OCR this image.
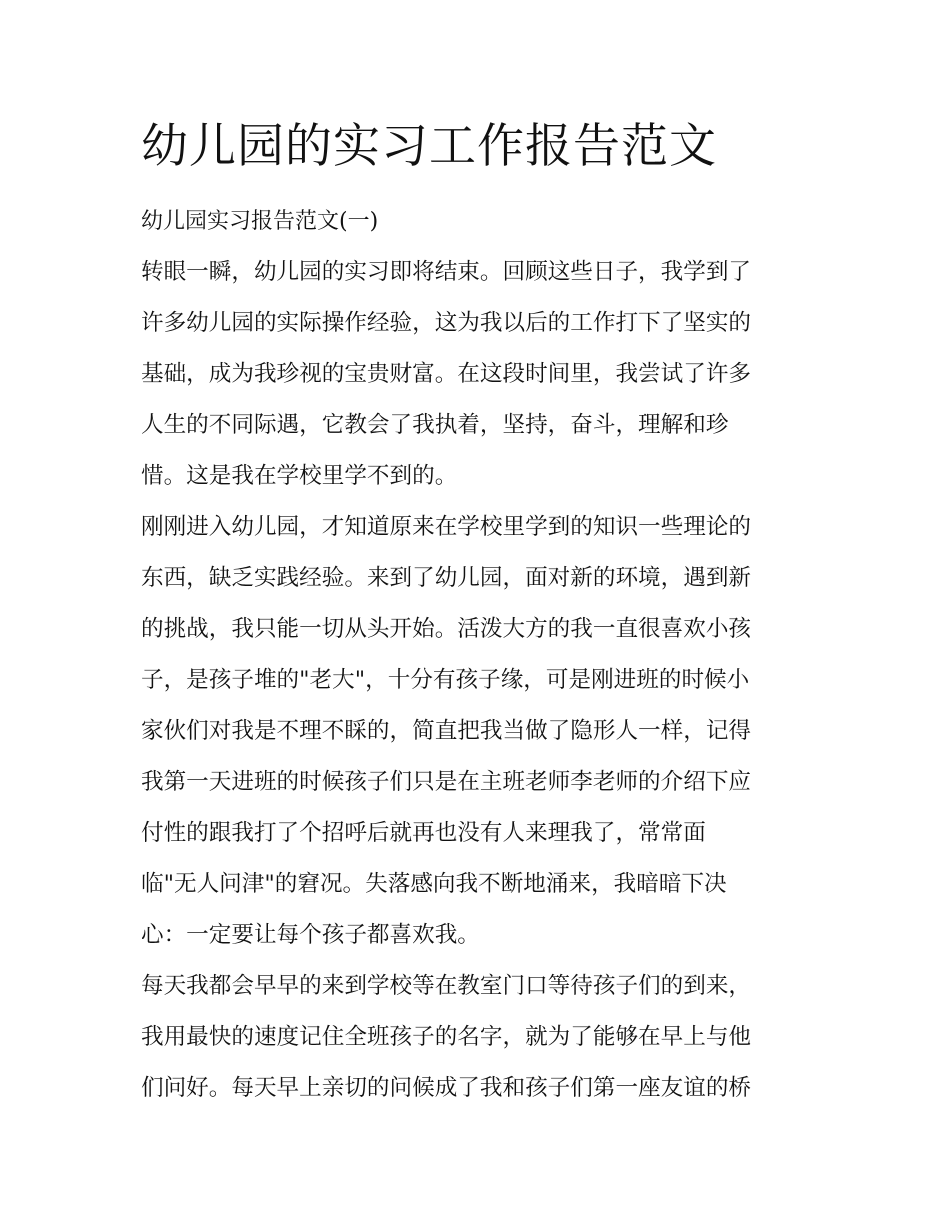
幼儿园的实习工作报告范文
幼儿园实习报告范文(一)
转眼一瞬，幼儿园的实习即将结束。回顾这些日子，我学到了
许多幼儿园的实际操作经验，这为我以后的工作打下了坚实的
基础，成为我珍视的宝贵财富。在这段时间里，我尝试了许多
人生的不同际遇，它教会了我执着，坚持，奋斗，理解和珍
惜。这是我在学校里学不到的。
刚刚进入幼儿园，才知道原来在学校里学到的知识一些理论的
东西，缺乏实践经验。来到了幼儿园，面对新的环境，遇到新
的挑战，我只能一切从头开始。活泼大方的我一直很喜欢小孩
子，是孩子堆的"老大"，十分有孩子缘，可是刚进班的时候小
家伙们对我是不理不睬的，简直把我当做了隐形人一样，记得
我第一天进班的时候孩子们只是在主班老师李老师的介绍下应
付性的跟我打了个招呼后就再也没有人来理我了，常常面
临"无人问津"的窘况。失落感向我不断地涌来，我暗暗下决
心：一定要让每个孩子都喜欢我。
每天我都会早早的来到学校等在教室门口等待孩子们的到来，
我用最快的速度记住全班孩子的名字，就为了能够在早上与他
们问好。每天早上亲切的问候成了我和孩子们第一座友谊的桥
